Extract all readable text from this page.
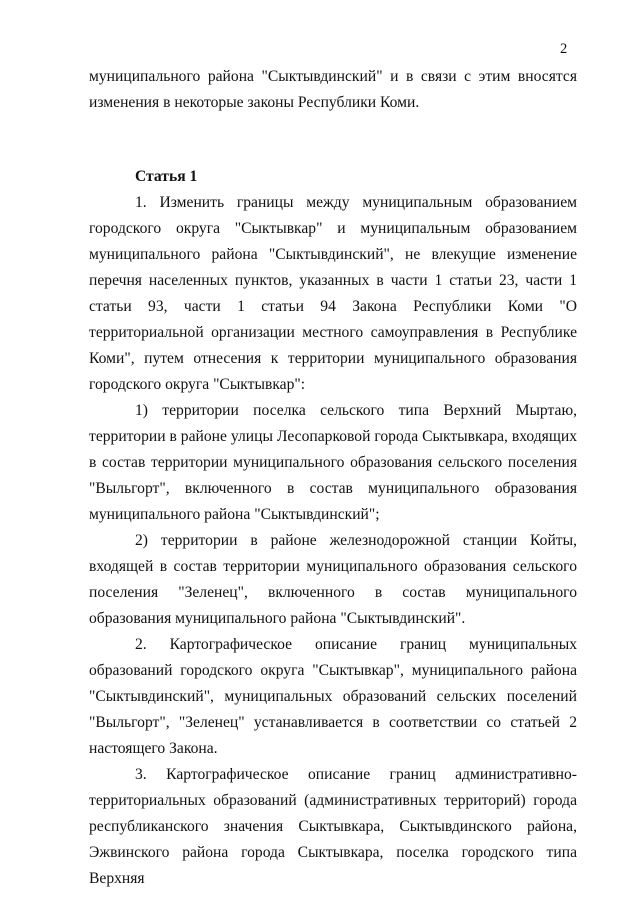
2

муниципального района "Сыктывдинский" и в связи с этим вносятся изменения в некоторые законы Республики Коми.

Статья 1

1. Изменить границы между муниципальным образованием городского округа "Сыктывкар" и муниципальным образованием муниципального района "Сыктывдинский", не влекущие изменение перечня населенных пунктов, указанных в части 1 статьи 23, части 1 статьи 93, части 1 статьи 94 Закона Республики Коми "О территориальной организации местного самоуправления в Республике Коми", путем отнесения к территории муниципального образования городского округа "Сыктывкар":

1) территории поселка сельского типа Верхний Мыртаю, территории в районе улицы Лесопарковой города Сыктывкара, входящих в состав территории муниципального образования сельского поселения "Выльгорт", включенного в состав муниципального образования муниципального района "Сыктывдинский";

2) территории в районе железнодорожной станции Койты, входящей в состав территории муниципального образования сельского поселения "Зеленец", включенного в состав муниципального образования муниципального района "Сыктывдинский".

2. Картографическое описание границ муниципальных образований городского округа "Сыктывкар", муниципального района "Сыктывдинский", муниципальных образований сельских поселений "Выльгорт", "Зеленец" устанавливается в соответствии со статьей 2 настоящего Закона.

3. Картографическое описание границ административно-территориальных образований (административных территорий) города республиканского значения Сыктывкара, Сыктывдинского района, Эжвинского района города Сыктывкара, поселка городского типа Верхняя
